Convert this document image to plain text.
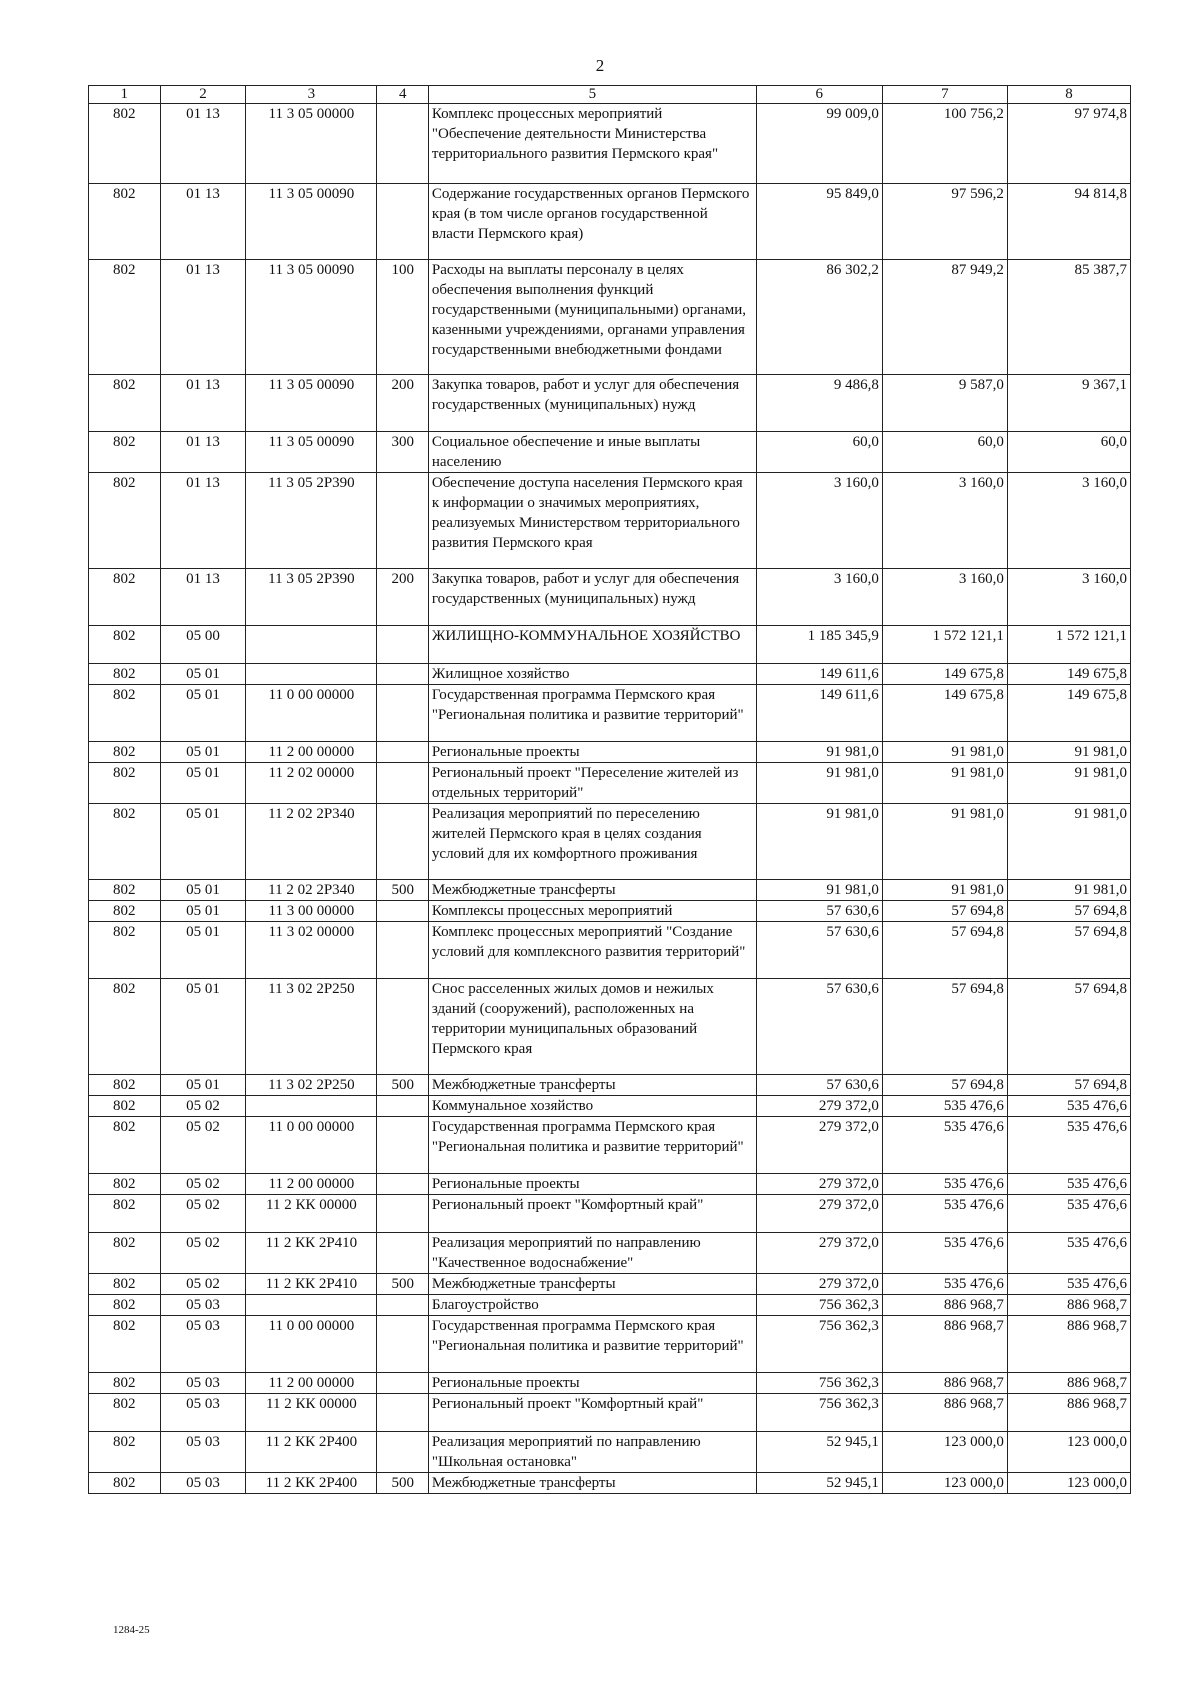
2
1	2	3	4	5	6	7	8
802	01 13	11 3 05 00000		Комплекс процессных мероприятий "Обеспечение деятельности Министерства территориального развития Пермского края"	99 009,0	100 756,2	97 974,8
802	01 13	11 3 05 00090		Содержание государственных органов Пермского края (в том числе органов государственной власти Пермского края)	95 849,0	97 596,2	94 814,8
802	01 13	11 3 05 00090	100	Расходы на выплаты персоналу в целях обеспечения выполнения функций государственными (муниципальными) органами, казенными учреждениями, органами управления государственными внебюджетными фондами	86 302,2	87 949,2	85 387,7
802	01 13	11 3 05 00090	200	Закупка товаров, работ и услуг для обеспечения государственных (муниципальных) нужд	9 486,8	9 587,0	9 367,1
802	01 13	11 3 05 00090	300	Социальное обеспечение и иные выплаты населению	60,0	60,0	60,0
802	01 13	11 3 05 2Р390		Обеспечение доступа населения Пермского края к информации о значимых мероприятиях, реализуемых Министерством территориального развития Пермского края	3 160,0	3 160,0	3 160,0
802	01 13	11 3 05 2Р390	200	Закупка товаров, работ и услуг для обеспечения государственных (муниципальных) нужд	3 160,0	3 160,0	3 160,0
802	05 00			ЖИЛИЩНО-КОММУНАЛЬНОЕ ХОЗЯЙСТВО	1 185 345,9	1 572 121,1	1 572 121,1
802	05 01			Жилищное хозяйство	149 611,6	149 675,8	149 675,8
802	05 01	11 0 00 00000		Государственная программа Пермского края "Региональная политика и развитие территорий"	149 611,6	149 675,8	149 675,8
802	05 01	11 2 00 00000		Региональные проекты	91 981,0	91 981,0	91 981,0
802	05 01	11 2 02 00000		Региональный проект "Переселение жителей из отдельных территорий"	91 981,0	91 981,0	91 981,0
802	05 01	11 2 02 2Р340		Реализация мероприятий по переселению жителей Пермского края в целях создания условий для их комфортного проживания	91 981,0	91 981,0	91 981,0
802	05 01	11 2 02 2Р340	500	Межбюджетные трансферты	91 981,0	91 981,0	91 981,0
802	05 01	11 3 00 00000		Комплексы процессных мероприятий	57 630,6	57 694,8	57 694,8
802	05 01	11 3 02 00000		Комплекс процессных мероприятий "Создание условий для комплексного развития территорий"	57 630,6	57 694,8	57 694,8
802	05 01	11 3 02 2Р250		Снос расселенных жилых домов и нежилых зданий (сооружений), расположенных на территории муниципальных образований Пермского края	57 630,6	57 694,8	57 694,8
802	05 01	11 3 02 2Р250	500	Межбюджетные трансферты	57 630,6	57 694,8	57 694,8
802	05 02			Коммунальное хозяйство	279 372,0	535 476,6	535 476,6
802	05 02	11 0 00 00000		Государственная программа Пермского края "Региональная политика и развитие территорий"	279 372,0	535 476,6	535 476,6
802	05 02	11 2 00 00000		Региональные проекты	279 372,0	535 476,6	535 476,6
802	05 02	11 2 КК 00000		Региональный проект "Комфортный край"	279 372,0	535 476,6	535 476,6
802	05 02	11 2 КК 2Р410		Реализация мероприятий по направлению "Качественное водоснабжение"	279 372,0	535 476,6	535 476,6
802	05 02	11 2 КК 2Р410	500	Межбюджетные трансферты	279 372,0	535 476,6	535 476,6
802	05 03			Благоустройство	756 362,3	886 968,7	886 968,7
802	05 03	11 0 00 00000		Государственная программа Пермского края "Региональная политика и развитие территорий"	756 362,3	886 968,7	886 968,7
802	05 03	11 2 00 00000		Региональные проекты	756 362,3	886 968,7	886 968,7
802	05 03	11 2 КК 00000		Региональный проект "Комфортный край"	756 362,3	886 968,7	886 968,7
802	05 03	11 2 КК 2Р400		Реализация мероприятий по направлению "Школьная остановка"	52 945,1	123 000,0	123 000,0
802	05 03	11 2 КК 2Р400	500	Межбюджетные трансферты	52 945,1	123 000,0	123 000,0
1284-25
